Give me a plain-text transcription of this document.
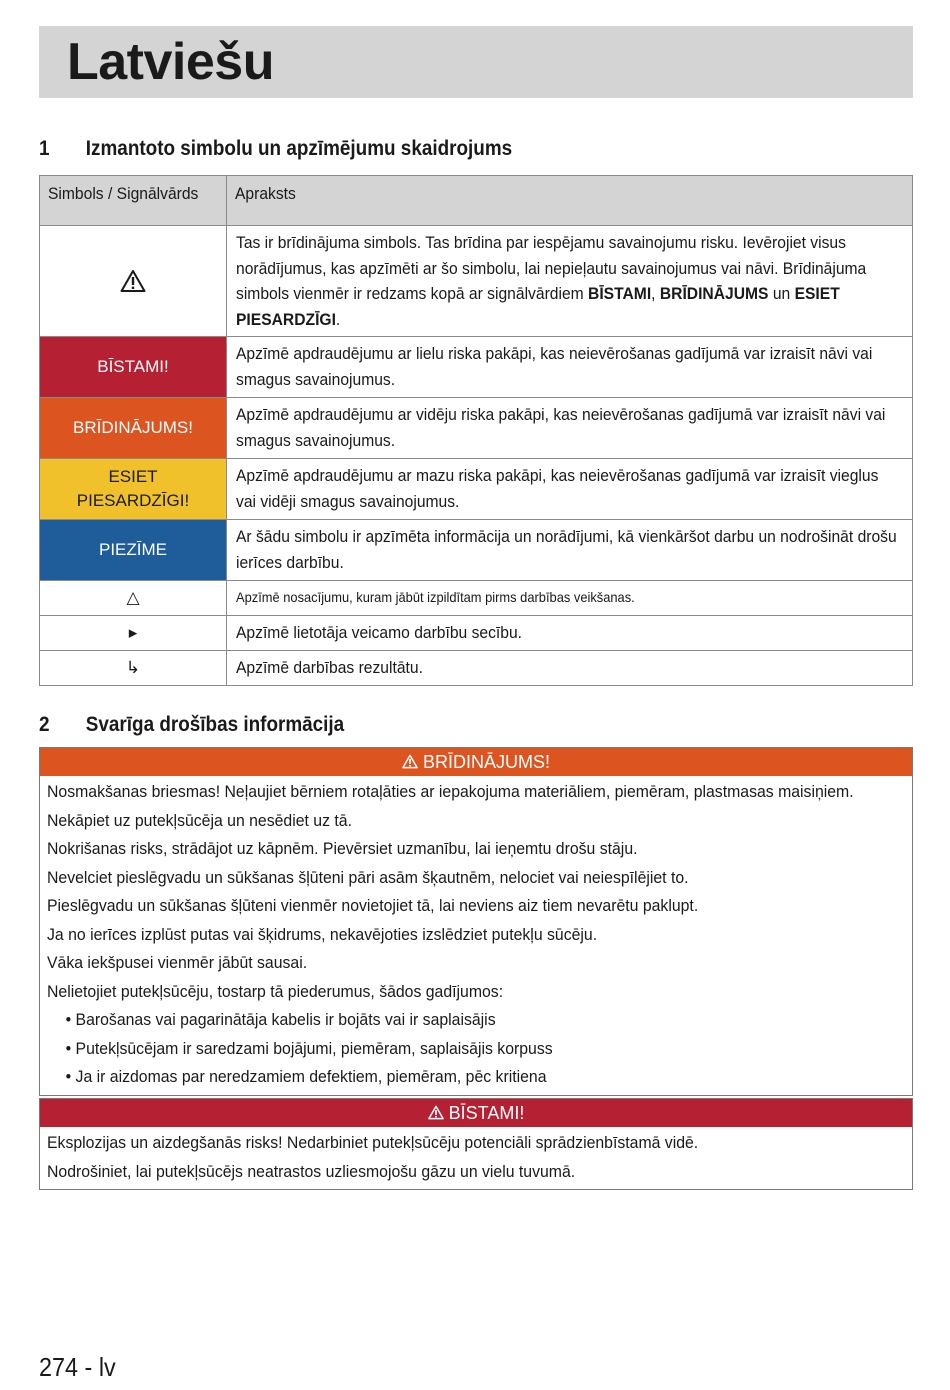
Latviešu
1 Izmantoto simbolu un apzīmējumu skaidrojums
Simbols / Signālvārds	Apraksts

Tas ir brīdinājuma simbols. Tas brīdina par iespējamu savainojumu risku. Ievērojiet visus norādījumus, kas apzīmēti ar šo simbolu, lai nepieļautu savainojumus vai nāvi. Brīdinājuma simbols vienmēr ir redzams kopā ar signālvārdiem BĪSTAMI, BRĪDINĀJUMS un ESIET PIESARDZĪGI.

BĪSTAMI!	Apzīmē apdraudējumu ar lielu riska pakāpi, kas neievērošanas gadījumā var izraisīt nāvi vai smagus savainojumus.

BRĪDINĀJUMS!	Apzīmē apdraudējumu ar vidēju riska pakāpi, kas neievērošanas gadījumā var izraisīt nāvi vai smagus savainojumus.

ESIET
PIESARDZĪGI!	Apzīmē apdraudējumu ar mazu riska pakāpi, kas neievērošanas gadījumā var izraisīt vieglus vai vidēji smagus savainojumus.

PIEZĪME	Ar šādu simbolu ir apzīmēta informācija un norādījumi, kā vienkāršot darbu un nodrošināt drošu ierīces darbību.

△	Apzīmē nosacījumu, kuram jābūt izpildītam pirms darbības veikšanas.

▸	Apzīmē lietotāja veicamo darbību secību.

↳	Apzīmē darbības rezultātu.
2 Svarīga drošības informācija
BRĪDINĀJUMS!
Nosmakšanas briesmas! Neļaujiet bērniem rotaļāties ar iepakojuma materiāliem, piemēram, plastmasas maisiņiem.
Nekāpiet uz putekļsūcēja un nesēdiet uz tā.
Nokrišanas risks, strādājot uz kāpnēm. Pievērsiet uzmanību, lai ieņemtu drošu stāju.
Nevelciet pieslēgvadu un sūkšanas šļūteni pāri asām šķautnēm, nelociet vai neiespīlējiet to.
Pieslēgvadu un sūkšanas šļūteni vienmēr novietojiet tā, lai neviens aiz tiem nevarētu paklupt.
Ja no ierīces izplūst putas vai šķidrums, nekavējoties izslēdziet putekļu sūcēju.
Vāka iekšpusei vienmēr jābūt sausai.
Nelietojiet putekļsūcēju, tostarp tā piederumus, šādos gadījumos:
• Barošanas vai pagarinātāja kabelis ir bojāts vai ir saplaisājis
• Putekļsūcējam ir saredzami bojājumi, piemēram, saplaisājis korpuss
• Ja ir aizdomas par neredzamiem defektiem, piemēram, pēc kritiena
BĪSTAMI!
Eksplozijas un aizdegšanās risks! Nedarbiniet putekļsūcēju potenciāli sprādzienbīstamā vidē.
Nodrošiniet, lai putekļsūcējs neatrastos uzliesmojošu gāzu un vielu tuvumā.
274 - lv
